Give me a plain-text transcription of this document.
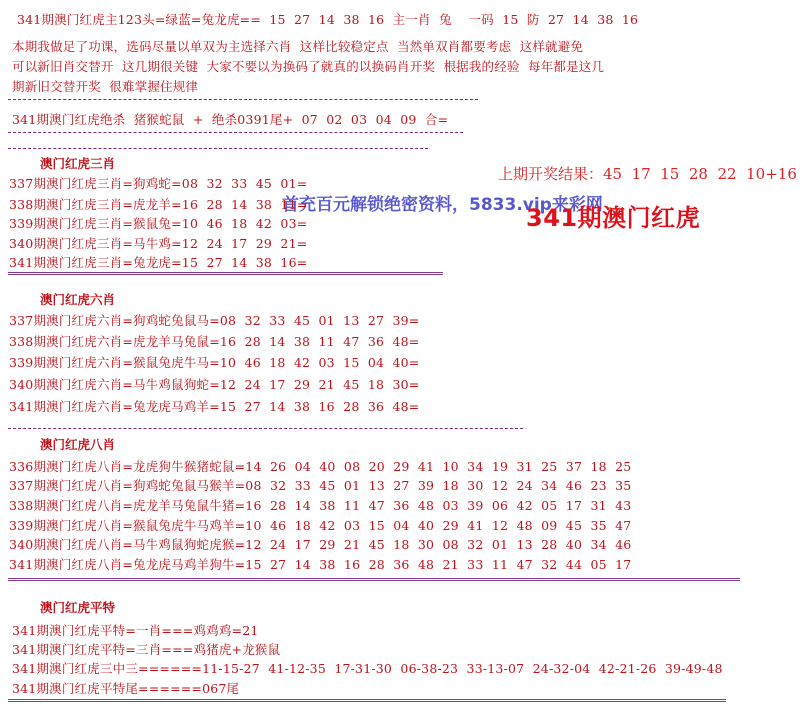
341期澳门红虎主123头=绿蓝=兔龙虎==  15  27  14  38  16  主一肖  兔    一码  15  防  27  14  38  16
本期我做足了功课，选码尽量以单双为主选择六肖  这样比较稳定点  当然单双肖都要考虑  这样就避免
可以新旧肖交替开  这几期很关键  大家不要以为换码了就真的以换码肖开奖  根据我的经验  每年都是这几
期新旧交替开奖  很难掌握住规律
341期澳门红虎绝杀  猪猴蛇鼠  +  绝杀0391尾+  07  02  03  04  09  合=
上期开奖结果：45  17  15  28  22  10+16
首充百元解锁绝密资料，5833.vip来彩网
341期澳门红虎
澳门红虎三肖
337期澳门红虎三肖=狗鸡蛇=08  32  33  45  01=
338期澳门红虎三肖=虎龙羊=16  28  14  38  11=
339期澳门红虎三肖=猴鼠兔=10  46  18  42  03=
340期澳门红虎三肖=马牛鸡=12  24  17  29  21=
341期澳门红虎三肖=兔龙虎=15  27  14  38  16=
澳门红虎六肖
337期澳门红虎六肖=狗鸡蛇兔鼠马=08  32  33  45  01  13  27  39=
338期澳门红虎六肖=虎龙羊马兔鼠=16  28  14  38  11  47  36  48=
339期澳门红虎六肖=猴鼠兔虎牛马=10  46  18  42  03  15  04  40=
340期澳门红虎六肖=马牛鸡鼠狗蛇=12  24  17  29  21  45  18  30=
341期澳门红虎六肖=兔龙虎马鸡羊=15  27  14  38  16  28  36  48=
澳门红虎八肖
336期澳门红虎八肖=龙虎狗牛猴猪蛇鼠=14  26  04  40  08  20  29  41  10  34  19  31  25  37  18  25
337期澳门红虎八肖=狗鸡蛇兔鼠马猴羊=08  32  33  45  01  13  27  39  18  30  12  24  34  46  23  35
338期澳门红虎八肖=虎龙羊马兔鼠牛猪=16  28  14  38  11  47  36  48  03  39  06  42  05  17  31  43
339期澳门红虎八肖=猴鼠兔虎牛马鸡羊=10  46  18  42  03  15  04  40  29  41  12  48  09  45  35  47
340期澳门红虎八肖=马牛鸡鼠狗蛇虎猴=12  24  17  29  21  45  18  30  08  32  01  13  28  40  34  46
341期澳门红虎八肖=兔龙虎马鸡羊狗牛=15  27  14  38  16  28  36  48  21  33  11  47  32  44  05  17
澳门红虎平特
341期澳门红虎平特=一肖===鸡鸡鸡=21
341期澳门红虎平特=三肖===鸡猪虎+龙猴鼠
341期澳门红虎三中三======11-15-27  41-12-35  17-31-30  06-38-23  33-13-07  24-32-04  42-21-26  39-49-48
341期澳门红虎平特尾======067尾
